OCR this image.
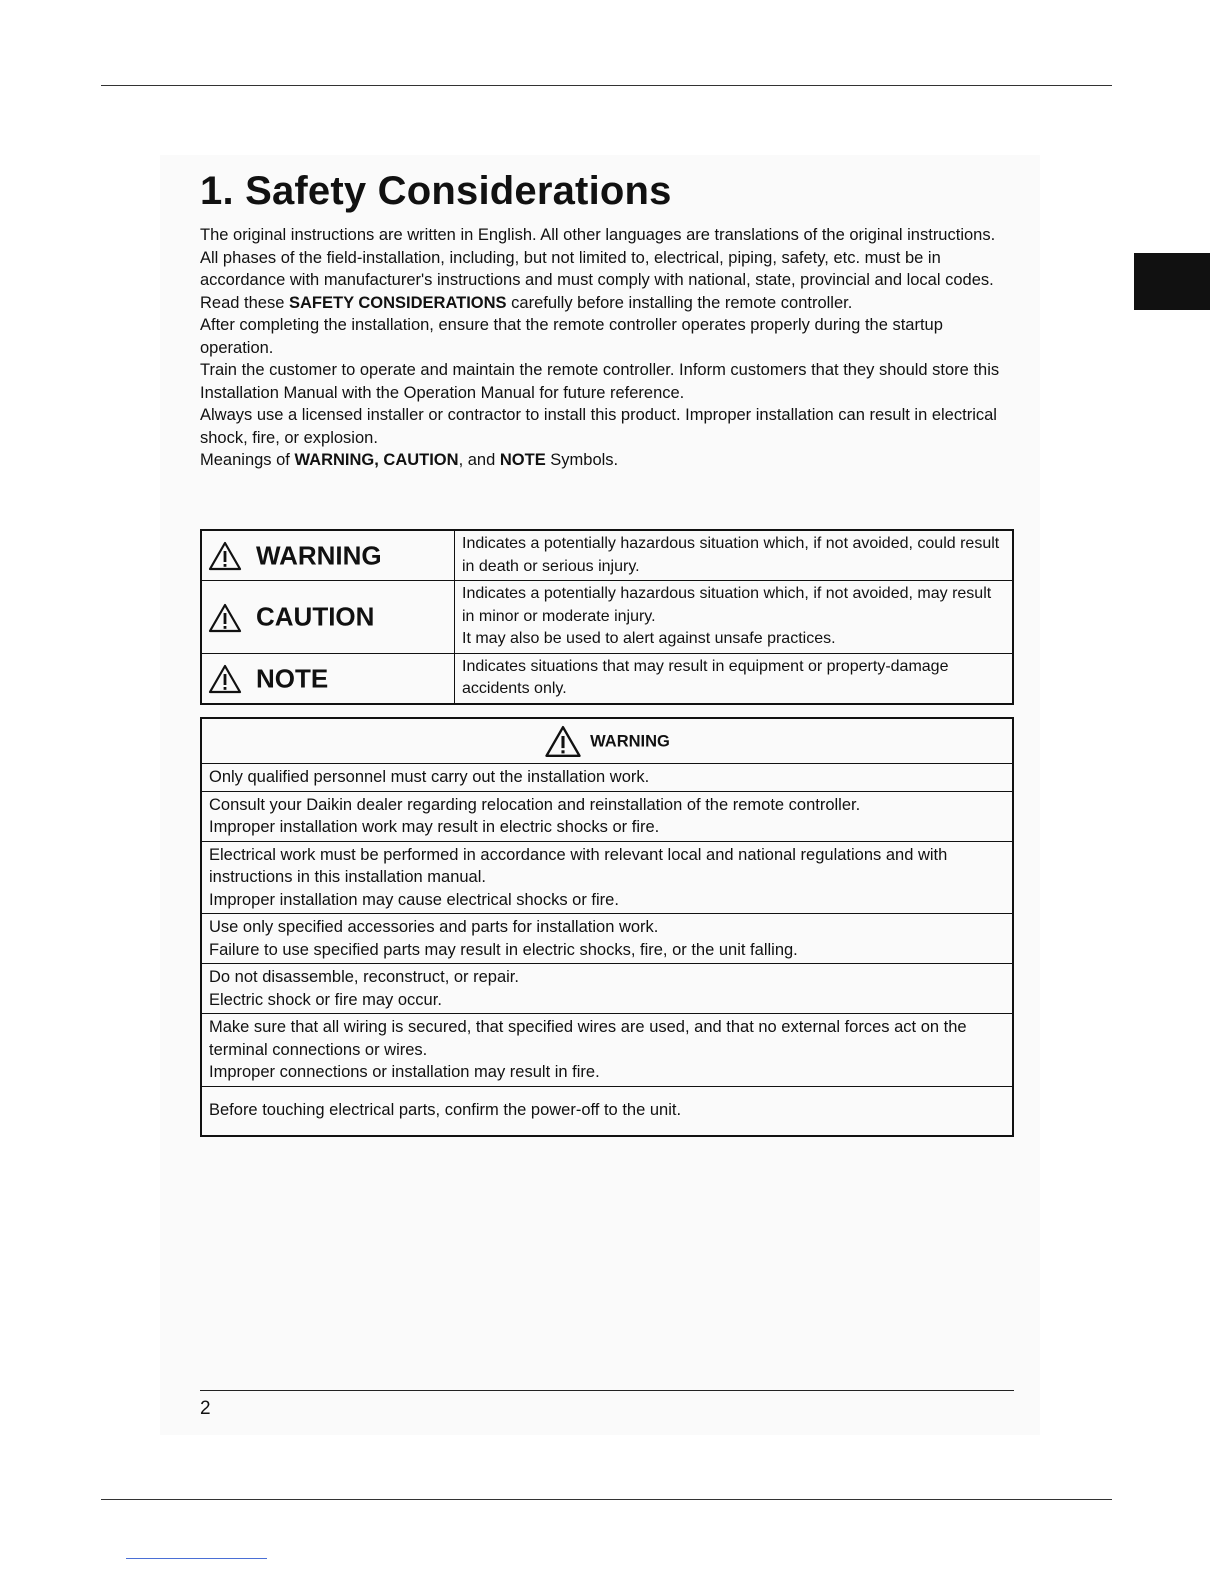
1. Safety Considerations

The original instructions are written in English. All other languages are translations of the original instructions.

All phases of the field-installation, including, but not limited to, electrical, piping, safety, etc. must be in accordance with manufacturer's instructions and must comply with national, state, provincial and local codes.

Read these SAFETY CONSIDERATIONS carefully before installing the remote controller.

After completing the installation, ensure that the remote controller operates properly during the startup operation.

Train the customer to operate and maintain the remote controller. Inform customers that they should store this Installation Manual with the Operation Manual for future reference.

Always use a licensed installer or contractor to install this product. Improper installation can result in electrical shock, fire, or explosion.

Meanings of WARNING, CAUTION, and NOTE Symbols.

WARNING	Indicates a potentially hazardous situation which, if not avoided, could result in death or serious injury.
CAUTION	Indicates a potentially hazardous situation which, if not avoided, may result in minor or moderate injury.
It may also be used to alert against unsafe practices.

NOTE	Indicates situations that may result in equipment or property-damage accidents only.
WARNING

Only qualified personnel must carry out the installation work.

Consult your Daikin dealer regarding relocation and reinstallation of the remote controller.

Improper installation work may result in electric shocks or fire.

Electrical work must be performed in accordance with relevant local and national regulations and with instructions in this installation manual.

Improper installation may cause electrical shocks or fire.

Use only specified accessories and parts for installation work.

Failure to use specified parts may result in electric shocks, fire, or the unit falling.

Do not disassemble, reconstruct, or repair.

Electric shock or fire may occur.

Make sure that all wiring is secured, that specified wires are used, and that no external forces act on the terminal connections or wires.

Improper connections or installation may result in fire.

Before touching electrical parts, confirm the power-off to the unit.

2
